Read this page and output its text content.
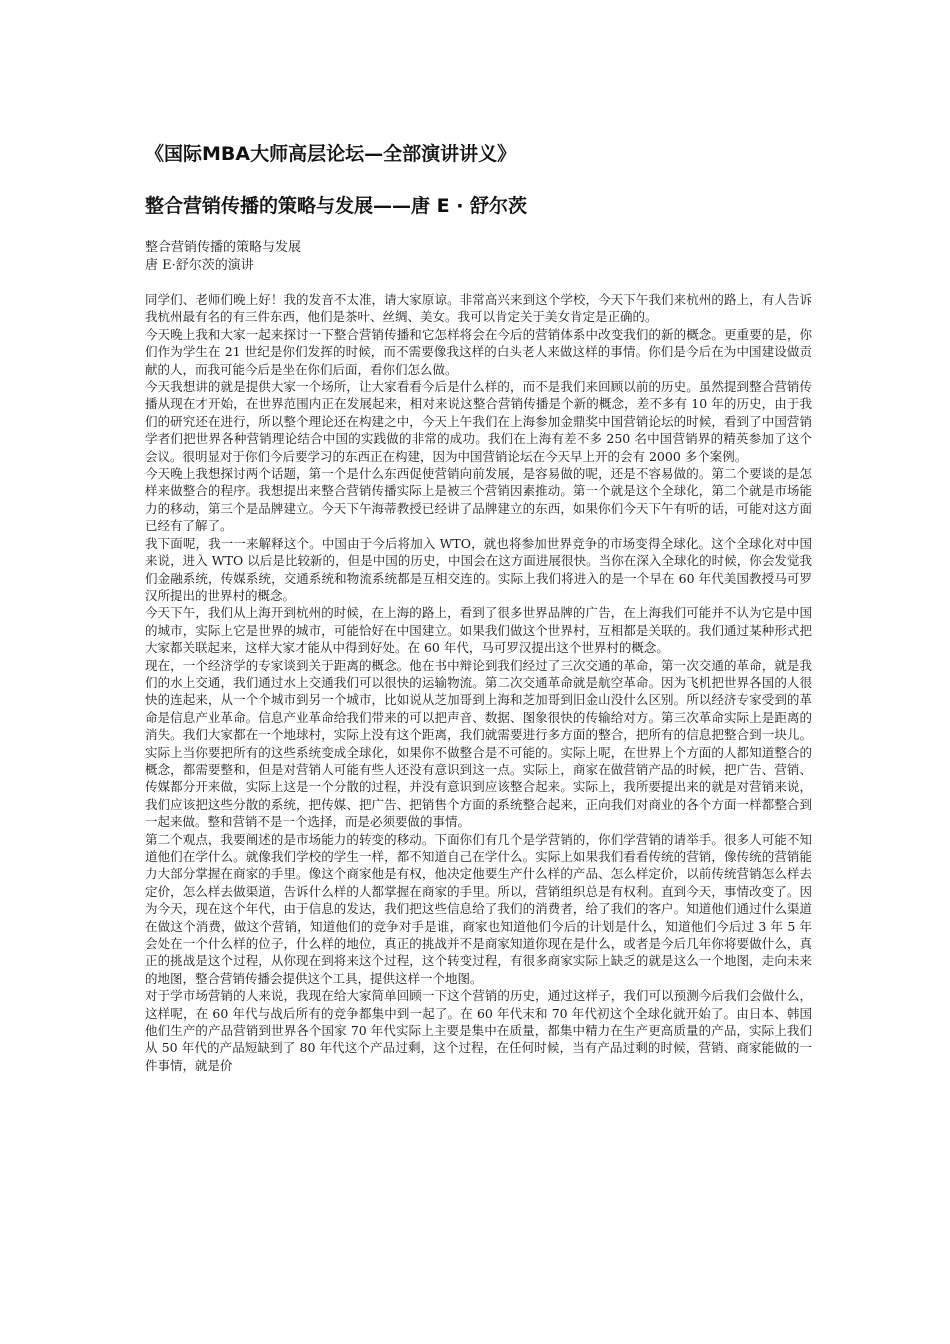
《国际MBA大师高层论坛—全部演讲讲义》
整合营销传播的策略与发展——唐 E · 舒尔茨
整合营销传播的策略与发展
唐 E·舒尔茨的演讲

同学们、老师们晚上好！我的发音不太准，请大家原谅。非常高兴来到这个学校，今天下午我们来杭州的路上，有人告诉我杭州最有名的有三件东西，他们是茶叶、丝绸、美女。我可以肯定关于美女肯定是正确的。

今天晚上我和大家一起来探讨一下整合营销传播和它怎样将会在今后的营销体系中改变我们的新的概念。更重要的是，你们作为学生在 21 世纪是你们发挥的时候，而不需要像我这样的白头老人来做这样的事情。你们是今后在为中国建设做贡献的人，而我可能今后是坐在你们后面，看你们怎么做。

今天我想讲的就是提供大家一个场所，让大家看看今后是什么样的，而不是我们来回顾以前的历史。虽然提到整合营销传播从现在才开始，在世界范围内正在发展起来，相对来说这整合营销传播是个新的概念，差不多有 10 年的历史，由于我们的研究还在进行，所以整个理论还在构建之中，今天上午我们在上海参加金鼎奖中国营销论坛的时候，看到了中国营销学者们把世界各种营销理论结合中国的实践做的非常的成功。我们在上海有差不多 250 名中国营销界的精英参加了这个会议。很明显对于你们今后要学习的东西正在构建，因为中国营销论坛在今天早上开的会有 2000 多个案例。

今天晚上我想探讨两个话题，第一个是什么东西促使营销向前发展，是容易做的呢，还是不容易做的。第二个要谈的是怎样来做整合的程序。我想提出来整合营销传播实际上是被三个营销因素推动。第一个就是这个全球化，第二个就是市场能力的移动，第三个是品牌建立。今天下午海蒂教授已经讲了品牌建立的东西，如果你们今天下午有听的话，可能对这方面已经有了解了。

我下面呢，我一一来解释这个。中国由于今后将加入 WTO，就也将参加世界竞争的市场变得全球化。这个全球化对中国来说，进入 WTO 以后是比较新的，但是中国的历史，中国会在这方面进展很快。当你在深入全球化的时候，你会发觉我们金融系统，传媒系统，交通系统和物流系统都是互相交连的。实际上我们将进入的是一个早在 60 年代美国教授马可罗汉所提出的世界村的概念。

今天下午，我们从上海开到杭州的时候，在上海的路上，看到了很多世界品牌的广告，在上海我们可能并不认为它是中国的城市，实际上它是世界的城市，可能恰好在中国建立。如果我们做这个世界村，互相都是关联的。我们通过某种形式把大家都关联起来，这样大家才能从中得到好处。在 60 年代，马可罗汉提出这个世界村的概念。

现在，一个经济学的专家谈到关于距离的概念。他在书中辩论到我们经过了三次交通的革命，第一次交通的革命，就是我们的水上交通，我们通过水上交通我们可以很快的运输物流。第二次交通革命就是航空革命。因为飞机把世界各国的人很快的连起来，从一个个城市到另一个城市，比如说从芝加哥到上海和芝加哥到旧金山没什么区别。所以经济专家受到的革命是信息产业革命。信息产业革命给我们带来的可以把声音、数据、图象很快的传输给对方。第三次革命实际上是距离的消失。我们大家都在一个地球村，实际上没有这个距离，我们就需要进行多方面的整合，把所有的信息把整合到一块儿。实际上当你要把所有的这些系统变成全球化，如果你不做整合是不可能的。实际上呢，在世界上个方面的人都知道整合的概念，都需要整和，但是对营销人可能有些人还没有意识到这一点。实际上，商家在做营销产品的时候，把广告、营销、传媒都分开来做，实际上这是一个分散的过程，并没有意识到应该整合起来。实际上，我所要提出来的就是对营销来说，我们应该把这些分散的系统，把传媒、把广告、把销售个方面的系统整合起来，正向我们对商业的各个方面一样都整合到一起来做。整和营销不是一个选择，而是必须要做的事情。

第二个观点，我要阐述的是市场能力的转变的移动。下面你们有几个是学营销的，你们学营销的请举手。很多人可能不知道他们在学什么。就像我们学校的学生一样，都不知道自己在学什么。实际上如果我们看看传统的营销，像传统的营销能力大部分掌握在商家的手里。像这个商家他是有权，他决定他要生产什么样的产品、怎么样定价，以前传统营销怎么样去定价，怎么样去做渠道，告诉什么样的人都掌握在商家的手里。所以，营销组织总是有权利。直到今天，事情改变了。因为今天，现在这个年代，由于信息的发达，我们把这些信息给了我们的消费者，给了我们的客户。知道他们通过什么渠道在做这个消费，做这个营销，知道他们的竞争对手是谁，商家也知道他们今后的计划是什么，知道他们今后过 3 年 5 年会处在一个什么样的位子，什么样的地位，真正的挑战并不是商家知道你现在是什么，或者是今后几年你将要做什么，真正的挑战是这个过程，从你现在到将来这个过程，这个转变过程，有很多商家实际上缺乏的就是这么一个地图，走向未来的地图，整合营销传播会提供这个工具，提供这样一个地图。

对于学市场营销的人来说，我现在给大家简单回顾一下这个营销的历史，通过这样子，我们可以预测今后我们会做什么，这样呢，在 60 年代与战后所有的竞争都集中到一起了。在 60 年代末和 70 年代初这个全球化就开始了。由日本、韩国他们生产的产品营销到世界各个国家 70 年代实际上主要是集中在质量，都集中精力在生产更高质量的产品，实际上我们从 50 年代的产品短缺到了 80 年代这个产品过剩，这个过程，在任何时候，当有产品过剩的时候，营销、商家能做的一件事情，就是价
